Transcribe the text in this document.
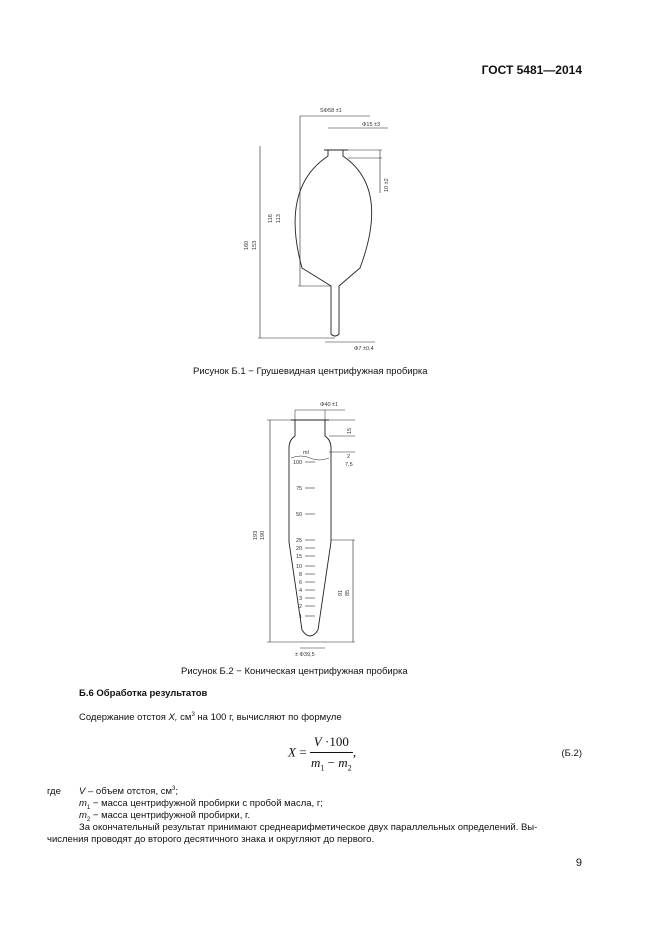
ГОСТ 5481—2014
SΦ58 ±1
Φ15 ±3
10 ±2
116 113
160 153
Φ7 ±0,4
Рисунок Б.1 − Грушевидная центрифужная пробирка
ml
100
75
50
25
20
15
10
8
6
4
3
2
1
Φ40 ±1
15
2
7,5
193 190
91 85
± Φ39,5
Рисунок Б.2 − Коническая центрифужная пробирка
Б.6 Обработка результатов
Содержание отстоя X, $см^3$ на 100 г, вычисляют по формуле
$X = \frac{V \cdot 100}{m_1 - m_2}$ ,	(Б.2)
где V – объем отстоя, $см^3$;
$m_1$ − масса центрифужной пробирки с пробой масла, г;
$m_2$ − масса центрифужной пробирки, г.
За окончательный результат принимают среднеарифметическое двух параллельных определений. Вы-
числения проводят до второго десятичного знака и округляют до первого.
9
